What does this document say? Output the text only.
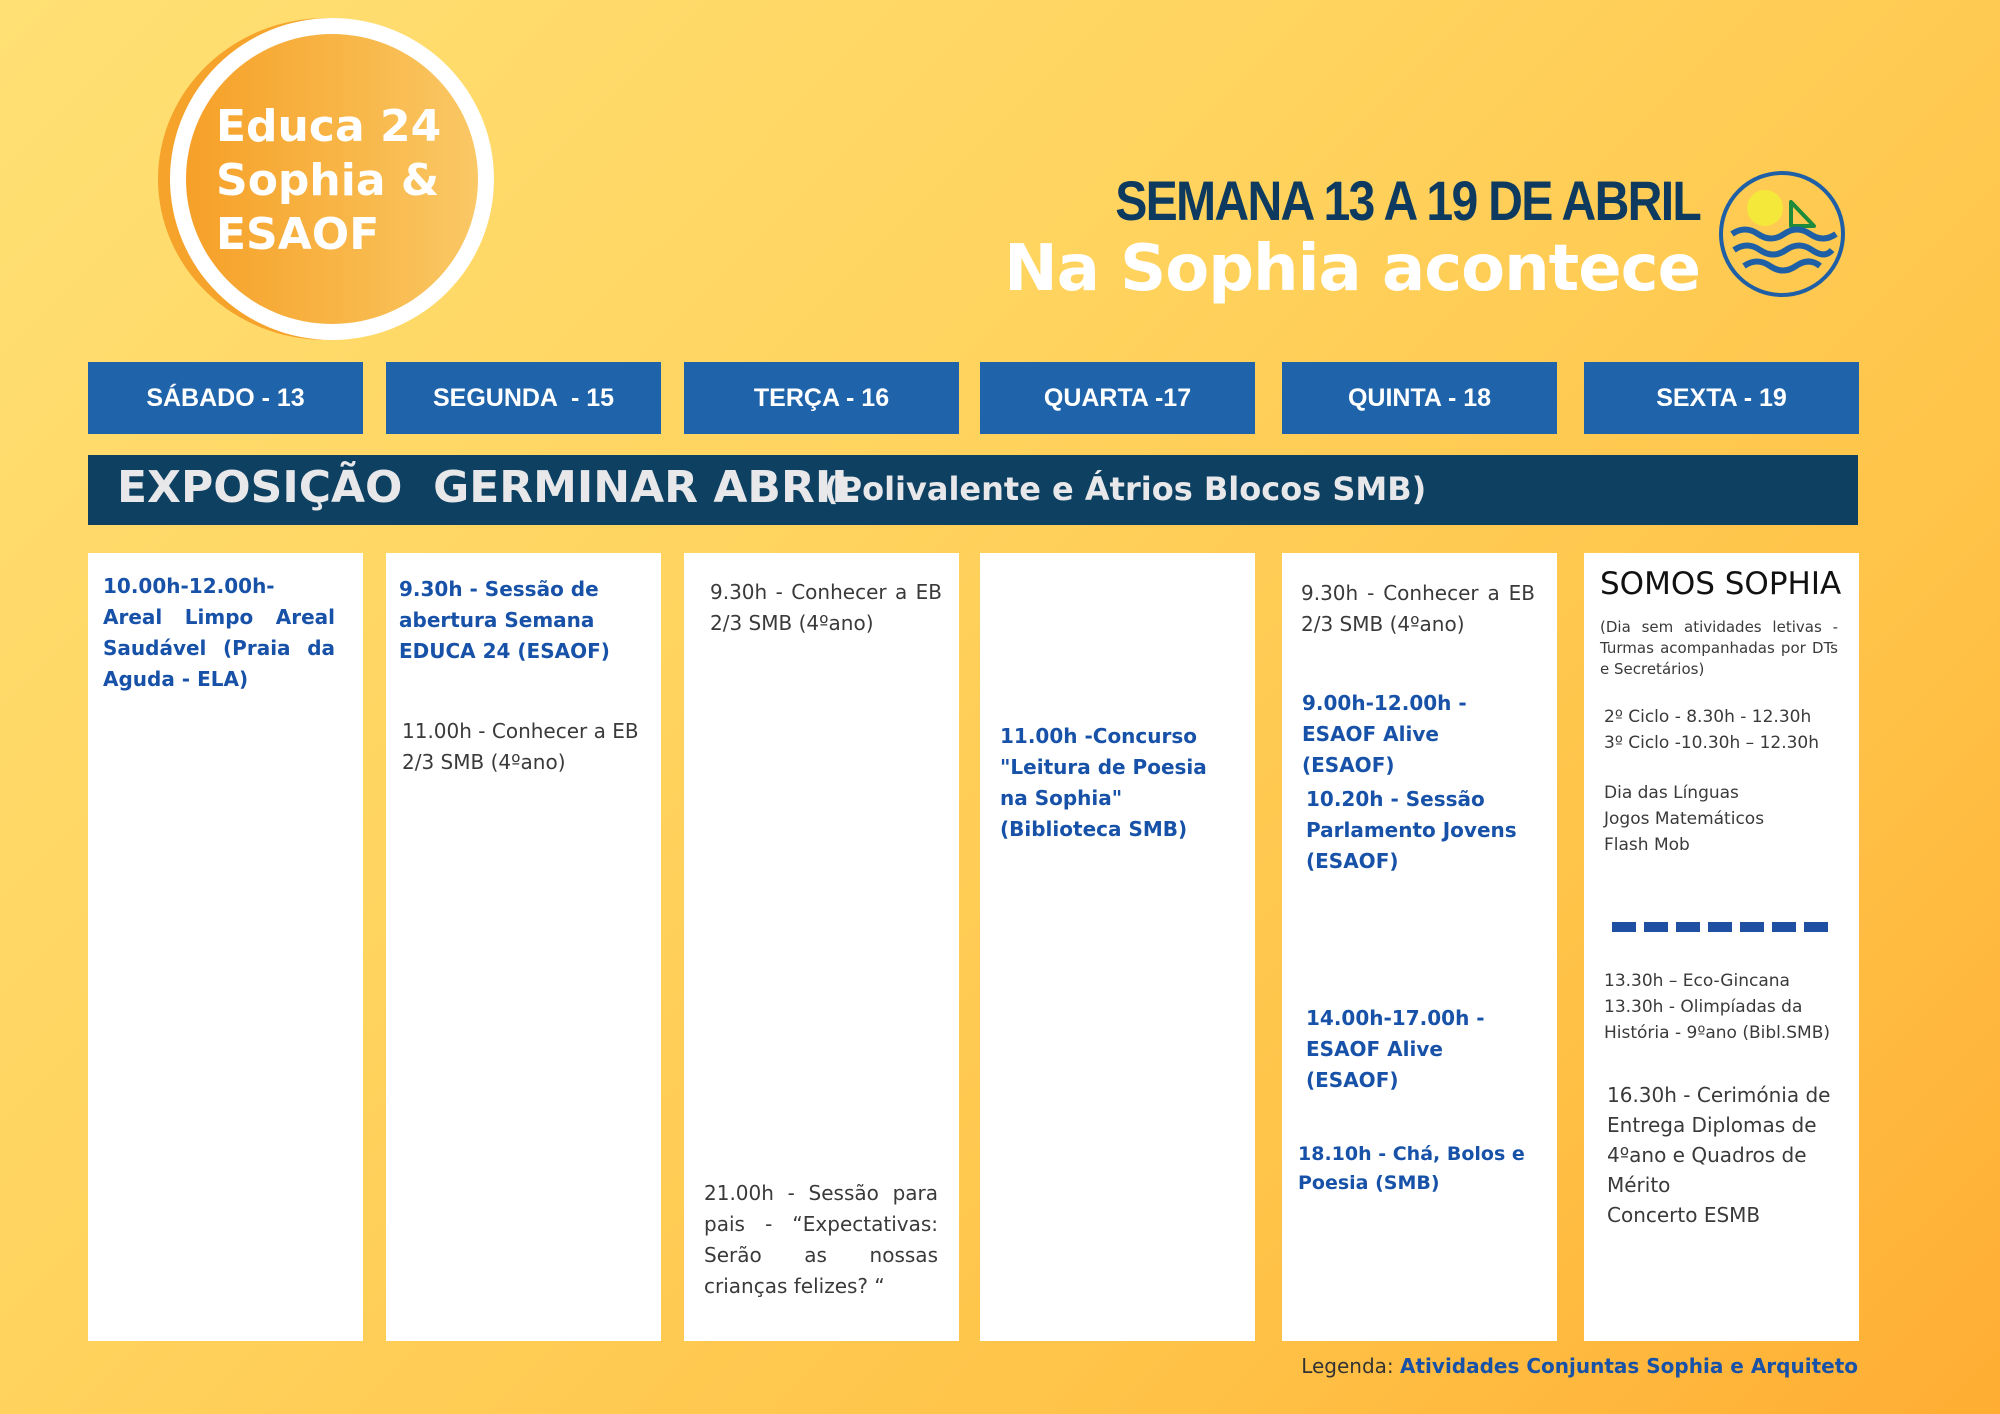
Educa 24
Sophia &
ESAOF
SEMANA 13 A 19 DE ABRIL
Na Sophia acontece
SÁBADO - 13	SEGUNDA  - 15	TERÇA - 16	QUARTA -17	QUINTA - 18	SEXTA - 19
EXPOSIÇÃO  GERMINAR ABRIL
(Polivalente e Átrios Blocos SMB)
10.00h-12.00h- Areal Limpo Areal Saudável (Praia da Aguda - ELA)
9.30h - Sessão de abertura Semana EDUCA 24 (ESAOF)
11.00h - Conhecer a EB 2/3 SMB (4ºano)
9.30h - Conhecer a EB 2/3 SMB (4ºano)
21.00h - Sessão para pais - “Expectativas: Serão as nossas crianças felizes? “
11.00h -Concurso "Leitura de Poesia na Sophia" (Biblioteca SMB)
9.30h - Conhecer a EB 2/3 SMB (4ºano)
9.00h-12.00h - ESAOF Alive (ESAOF)
10.20h - Sessão Parlamento Jovens (ESAOF)
14.00h-17.00h - ESAOF Alive (ESAOF)
18.10h - Chá, Bolos e Poesia (SMB)
SOMOS SOPHIA
(Dia sem atividades letivas - Turmas acompanhadas por DTs e Secretários)
2º Ciclo - 8.30h - 12.30h
3º Ciclo -10.30h – 12.30h
Dia das Línguas
Jogos Matemáticos
Flash Mob
13.30h – Eco-Gincana
13.30h - Olimpíadas da
História - 9ºano (Bibl.SMB)
16.30h - Cerimónia de
Entrega Diplomas de
4ºano e Quadros de
Mérito
Concerto ESMB
Legenda: Atividades Conjuntas Sophia e Arquiteto
